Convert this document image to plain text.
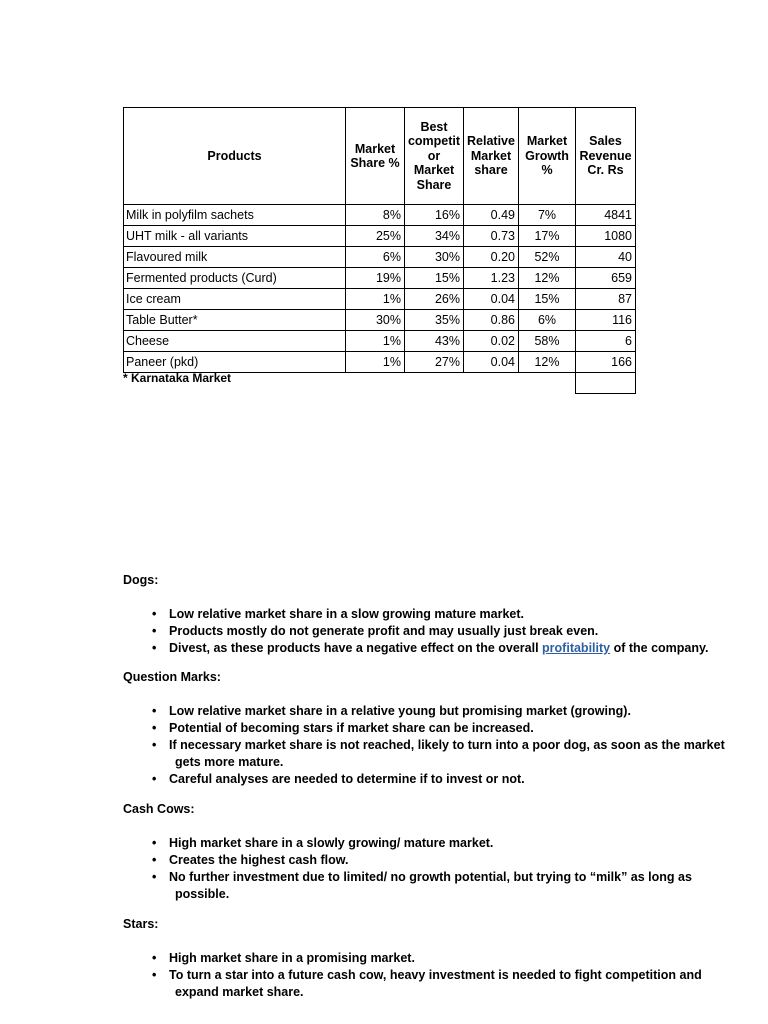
Products	Market Share %	Best competit or Market Share	Relative Market share	Market Growth %	Sales Revenue Cr. Rs
Milk in polyfilm sachets	8%	16%	0.49	7%	4841
UHT milk - all variants	25%	34%	0.73	17%	1080
Flavoured milk	6%	30%	0.20	52%	40
Fermented products (Curd)	19%	15%	1.23	12%	659
Ice cream	1%	26%	0.04	15%	87
Table Butter*	30%	35%	0.86	6%	116
Cheese	1%	43%	0.02	58%	6
Paneer (pkd)	1%	27%	0.04	12%	166

* Karnataka Market
Dogs:
• Low relative market share in a slow growing mature market.
• Products mostly do not generate profit and may usually just break even.
• Divest, as these products have a negative effect on the overall profitability of the company.
Question Marks:
• Low relative market share in a relative young but promising market (growing).
• Potential of becoming stars if market share can be increased.
• If necessary market share is not reached, likely to turn into a poor dog, as soon as the market
gets more mature.
• Careful analyses are needed to determine if to invest or not.
Cash Cows:
• High market share in a slowly growing/ mature market.
• Creates the highest cash flow.
• No further investment due to limited/ no growth potential, but trying to “milk” as long as
possible.
Stars:
• High market share in a promising market.
• To turn a star into a future cash cow, heavy investment is needed to fight competition and
expand market share.
